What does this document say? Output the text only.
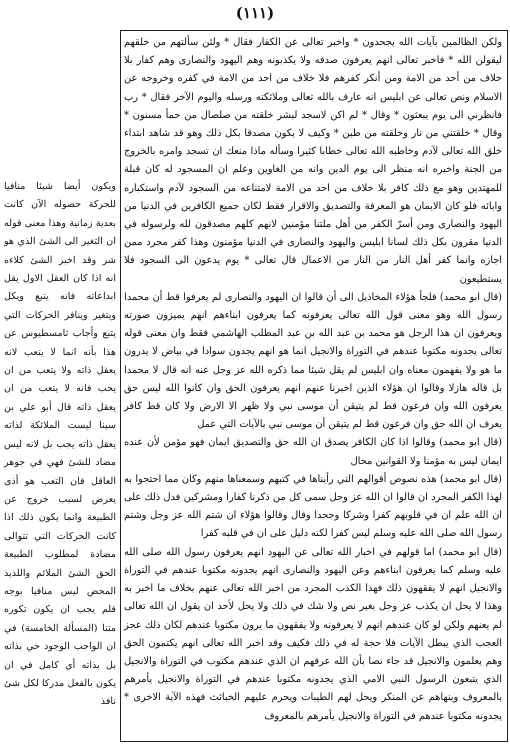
(١١١)

ولكن الظالمين بآيات الله يجحدون * واخبر تعالى عن الكفار فقال * ولئن سألتهم من خلقهم ليقولن الله * فاخبر تعالى انهم يعرفون صدقه ولا يكذبونه وهم اليهود والنصارى وهم كفار بلا خلاف من أحد من الامة ومن أنكر كفرهم فلا خلاف من احد من الامة في كفره وخروجه عن الاسلام ونص تعالى عن ابليس انه عارف بالله تعالى وملائكته ورسله واليوم الآخر فقال * رب فانظرني الى يوم يبعثون * وقال * لم اكن لاسجد لبشر خلقته من صلصال من حمأ مسنون * وقال * خلقتني من نار وخلقته من طين * وكيف لا يكون مصدقا بكل ذلك وهو قد شاهد ابتداء خلق الله تعالى لآدم وخاطبه الله تعالى خطابا كثيرا وسأله ماذا منعك ان تسجد وامره بالخروج من الجنة واخبره انه منظر الى يوم الدين وانه من الغاوين وعلم ان المسجود له كان قبلة للمهتدين وهو مع ذلك كافر بلا خلاف من احد من الامة لامتناعه من السجود لآدم واستكباره وابائه فلو كان الايمان هو المعرفة والتصديق والاقرار فقط لكان جميع الكافرين في الدنيا من اليهود والنصارى ومن أسرّ الكفر من أهل ملتنا مؤمنين لانهم كلهم مصدقون لله ولرسوله في الدنيا مقرون بكل ذلك لسانا ابليس واليهود والنصارى في الدنيا مؤمنون وهذا كفر مجرد ممن اجازه وانما كفر أهل النار من النار من الاعمال قال تعالى * يوم يدعون الى السجود فلا يستطيعون

(قال ابو محمد) فلجأ هؤلاء المخاذيل الى أن قالوا ان اليهود والنصارى لم يعرفوا قط أن محمدا رسول الله وهو معنى قول الله تعالى يعرفونه كما يعرفون ابناءهم انهم يميزون صورته ويعرفون ان هذا الرجل هو محمد بن عبد الله بن عبد المطلب الهاشمي فقط وان معنى قوله تعالى يجدونه مكتوبا عندهم في التوراة والانجيل انما هو انهم يجدون سوادا في بياض لا يدرون ما هو ولا يفهمون معناه وان ابليس لم يقل شيئا مما ذكره الله عز وجل عنه انه قال لا محمدا بل قاله هازلا وقالوا ان هؤلاء الذين اخبرنا عنهم انهم يعرفون الحق وان كانوا الله ليس حق يعرفون الله وان فرعون قط لم يتيقن أن موسى نبي ولا ظهر الا الارض ولا كان قط كافر يعرف ان الله حق وان فرعون قط لم يتيقن أن موسى نبي بالآيات التي عمل

(قال ابو محمد) وقالوا اذا كان الكافر يصدق ان الله حق والتصديق ايمان فهو مؤمن لأن عنده ايمان ليس به مؤمنا ولا القوانين محال

(قال ابو محمد) هذه نصوص أقوالهم التي رأيناها في كتبهم وسمعناها منهم وكان مما احتجوا به لهذا الكفر المجرد ان قالوا ان الله عز وجل سمى كل من ذكرنا كفارا ومشركين فدل ذلك على ان الله علم ان في قلوبهم كفرا وشركا وجحدا وقال وقالوا هؤلاء ان شتم الله عز وجل وشتم رسول الله صلى الله عليه وسلم ليس كفرا لكنه دليل على ان في قلبه كفرا

(قال ابو محمد) اما قولهم في اخبار الله تعالى عن اليهود انهم يعرفون رسول الله صلى الله عليه وسلم كما يعرفون ابناءهم وعن اليهود والنصارى انهم يجدونه مكتوبا عندهم في التوراة والانجيل انهم لا يفقهون ذلك فهذا الكذب المجرد من اخبر الله تعالى عنهم بخلاف ما اخبر به وهذا لا يحل ان يكذب عز وجل بغير نص ولا شك في ذلك ولا يحل لأحد ان يقول ان الله تعالى لم يعنهم ولكن لو كان عندهم انهم لا يعرفونه ولا يفقهون ما يرون مكتوبا عندهم لكان ذلك عجز العجب الذي يبطل الآيات فلا حجة له في ذلك فكيف وقد اخبر الله تعالى انهم يكتمون الحق وهم يعلمون والانجيل قد جاء نصا بأن الله عرفهم ان الذي عندهم مكتوب في التوراة والانجيل الذي يتبعون الرسول النبي الامي الذي يجدونه مكتوبا عندهم في التوراة والانجيل يأمرهم بالمعروف وينهاهم عن المنكر ويحل لهم الطيبات ويحرم عليهم الخبائث فهذه الآية الاخرى * يجدونه مكتوبا عندهم في التوراة والانجيل يأمرهم بالمعروف

ويكون أيضا شيئا منافيا للحركة حصوله الآن كانت بعدية زمانية وهذا معنى قوله ان التغير الى الشئ الذي هو شر وقد اخبر الشئ كلاءه انه اذا كان العقل الاول يقل ابداعاته فانه يتبع ويكل ويتغير وينافر الحركات التي يتبع وأجاب ثامسطيوس عن هذا بأنه انما لا يتعب لانه يعقل ذاته ولا يتعب من ان يحب فانه لا يتعب من ان يعقل ذاته قال أبو علي بن سينا ليست الملائكة لذاته يعقل ذاته يجب بل لانه ليس مضاد للشئ فهي في جوهر العاقل فان التعب هو أذى يعرض لسبب خروج عن الطبيعة وانما يكون ذلك اذا كانت الحركات التي تتوالى مضادة لمطلوب الطبيعة الحق الشئ الملائم واللذيذ المحض ليس منافيا بوجه فلم يجب ان يكون تكوره متنا (المسألة الخامسة) في ان الواجب الوجود حي بذاته بل بذاته أي كامل في ان يكون بالفعل مدركا لكل شئ نافذ
